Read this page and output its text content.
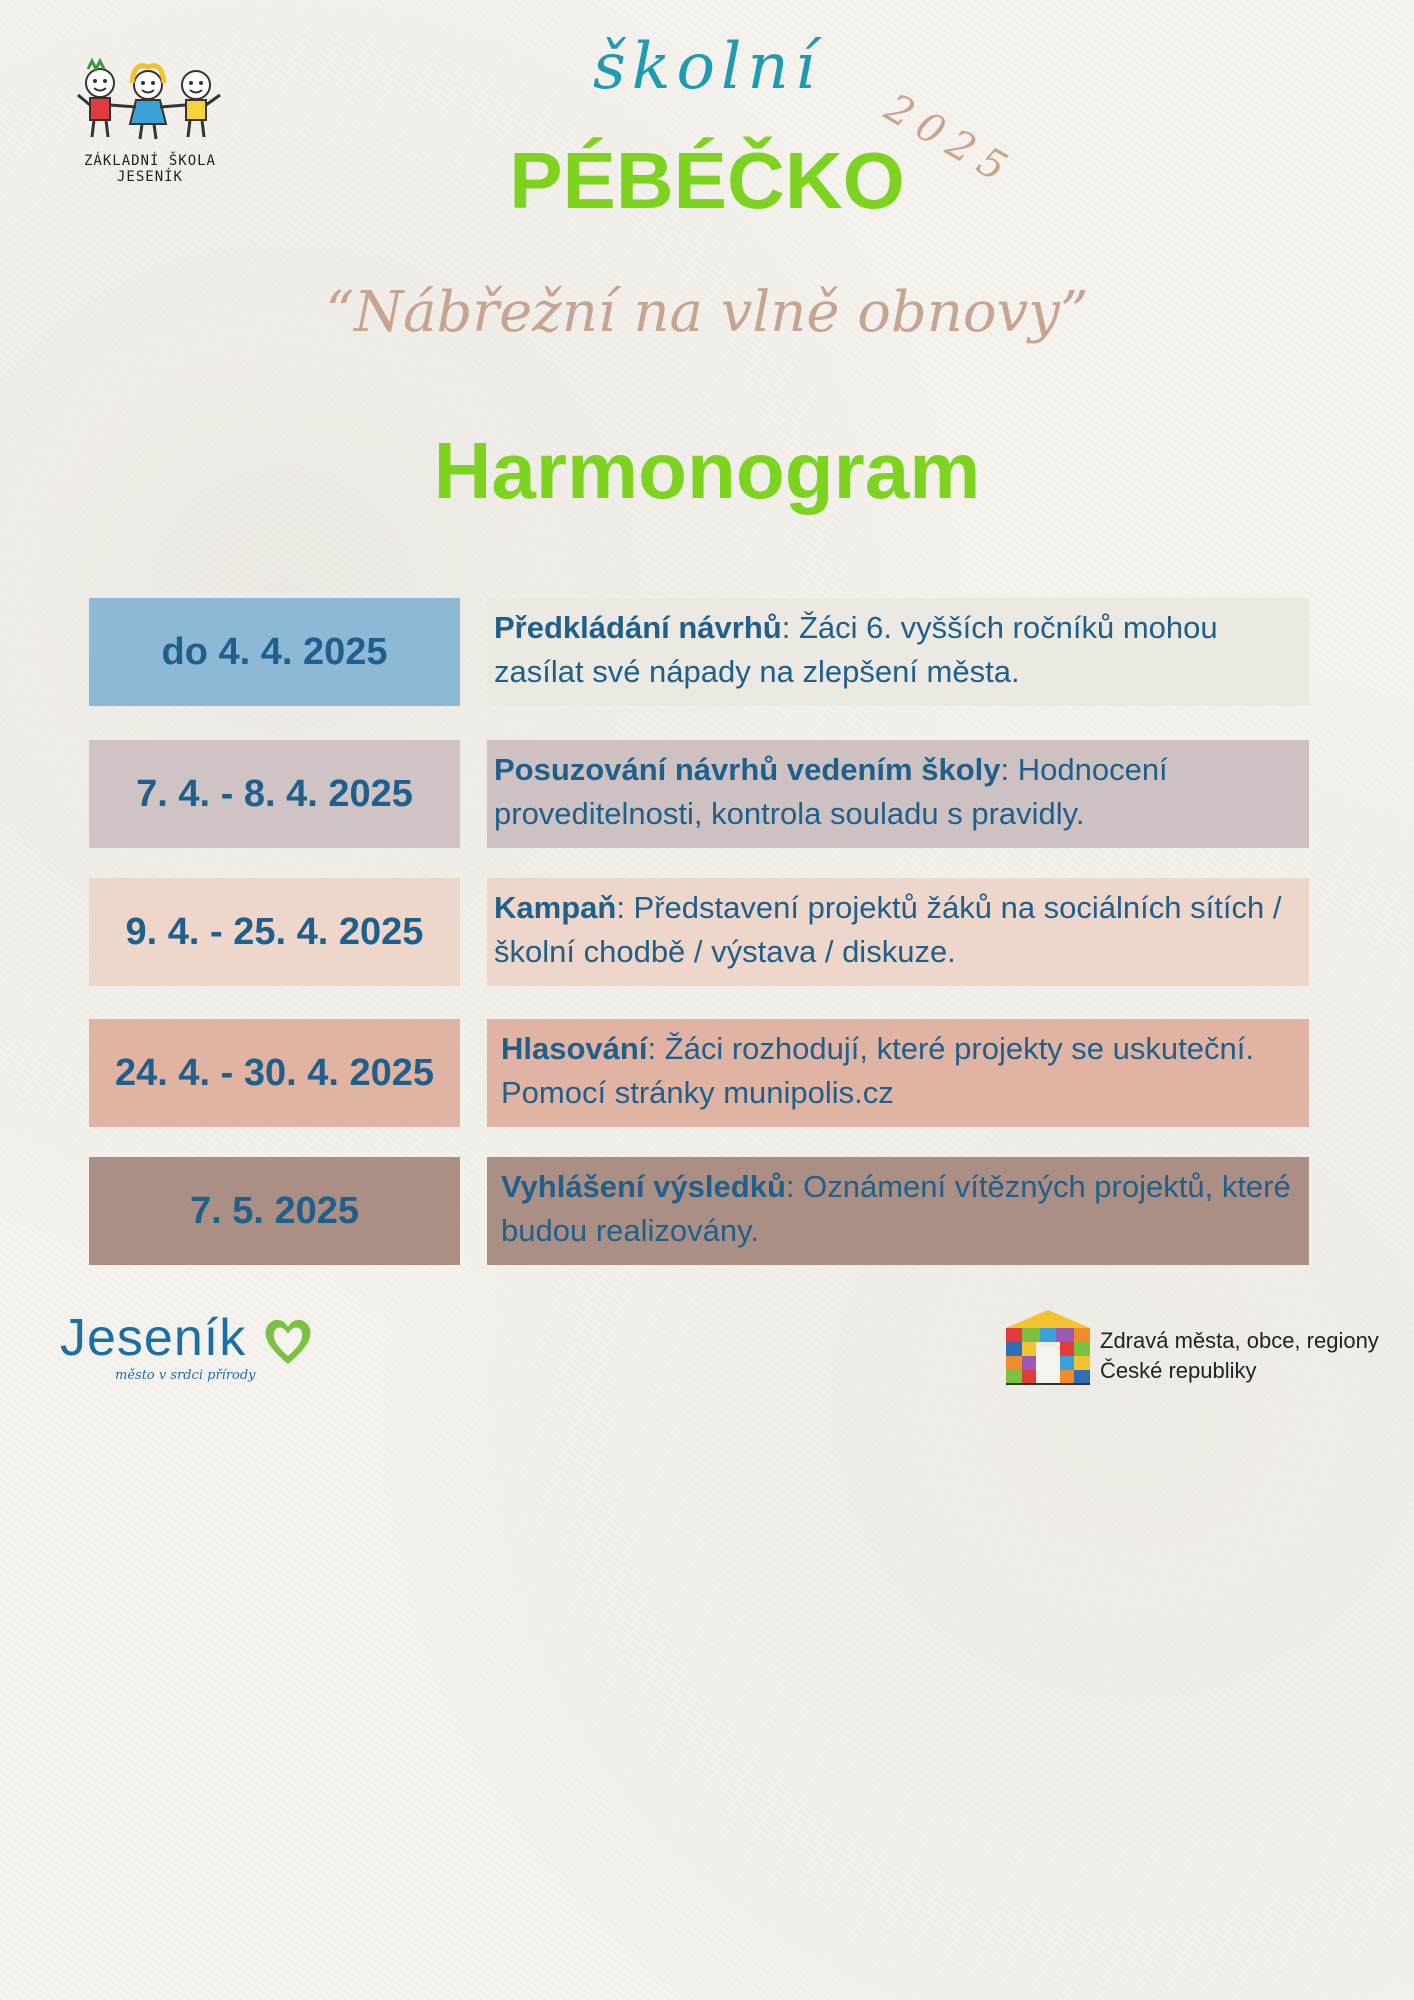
ZÁKLADNÍ ŠKOLA JESENÍK
školní
2025
PÉBÉČKO
“Nábřežní na vlně obnovy”
Harmonogram
do 4. 4. 2025
Předkládání návrhů: Žáci 6. vyšších ročníků mohou zasílat své nápady na zlepšení města.
7. 4. - 8. 4. 2025
Posuzování návrhů vedením školy: Hodnocení proveditelnosti, kontrola souladu s pravidly.
9. 4. - 25. 4. 2025
Kampaň: Představení projektů žáků na sociálních sítích / školní chodbě / výstava / diskuze.
24. 4. - 30. 4. 2025
Hlasování: Žáci rozhodují, které projekty se uskuteční. Pomocí stránky munipolis.cz
7. 5. 2025
Vyhlášení výsledků: Oznámení vítězných projektů, které budou realizovány.
Jeseník
město v srdci přírody
Zdravá města, obce, regiony
České republiky
